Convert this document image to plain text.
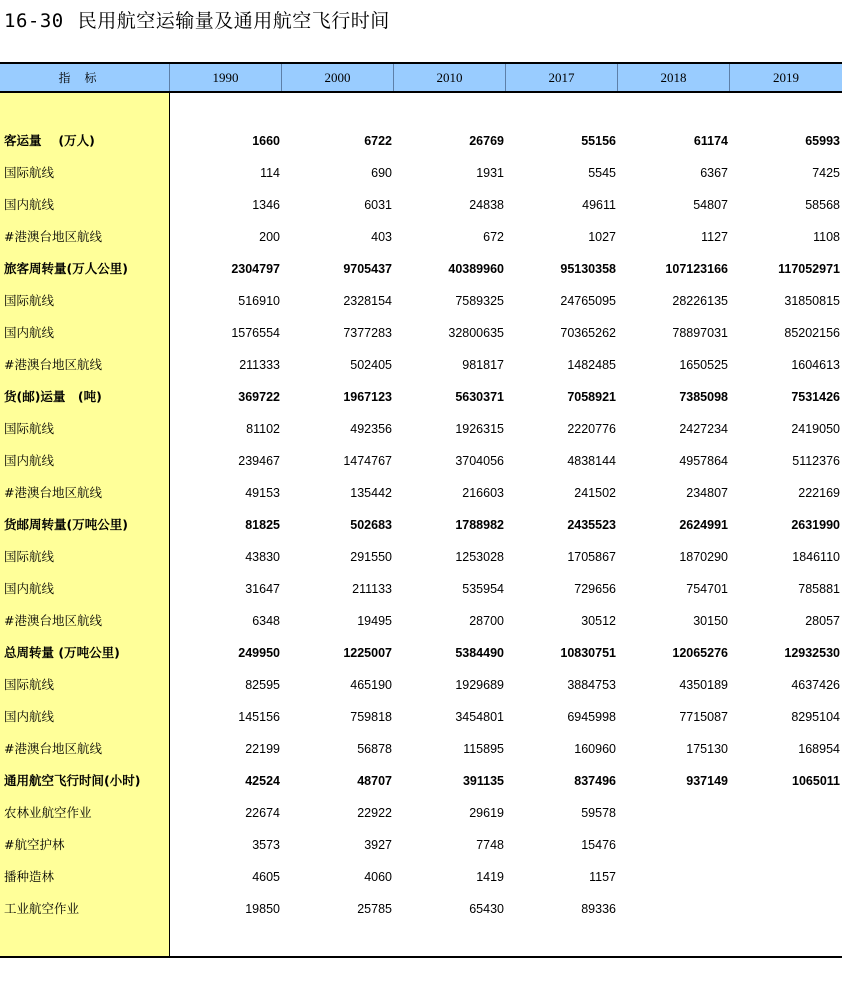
16-30 民用航空运输量及通用航空飞行时间
指标	1990	2000	2010	2017	2018	2019
客运量　 (万人)	1660	6722	26769	55156	61174	65993
国际航线	114	690	1931	5545	6367	7425
国内航线	1346	6031	24838	49611	54807	58568
#港澳台地区航线	200	403	672	1027	1127	1108
旅客周转量(万人公里)	2304797	9705437	40389960	95130358	107123166	117052971
国际航线	516910	2328154	7589325	24765095	28226135	31850815
国内航线	1576554	7377283	32800635	70365262	78897031	85202156
#港澳台地区航线	211333	502405	981817	1482485	1650525	1604613
货(邮)运量　(吨)	369722	1967123	5630371	7058921	7385098	7531426
国际航线	81102	492356	1926315	2220776	2427234	2419050
国内航线	239467	1474767	3704056	4838144	4957864	5112376
#港澳台地区航线	49153	135442	216603	241502	234807	222169
货邮周转量(万吨公里)	81825	502683	1788982	2435523	2624991	2631990
国际航线	43830	291550	1253028	1705867	1870290	1846110
国内航线	31647	211133	535954	729656	754701	785881
#港澳台地区航线	6348	19495	28700	30512	30150	28057
总周转量 (万吨公里)	249950	1225007	5384490	10830751	12065276	12932530
国际航线	82595	465190	1929689	3884753	4350189	4637426
国内航线	145156	759818	3454801	6945998	7715087	8295104
#港澳台地区航线	22199	56878	115895	160960	175130	168954
通用航空飞行时间(小时)	42524	48707	391135	837496	937149	1065011
农林业航空作业	22674	22922	29619	59578
#航空护林	3573	3927	7748	15476
播种造林	4605	4060	1419	1157
工业航空作业	19850	25785	65430	89336
